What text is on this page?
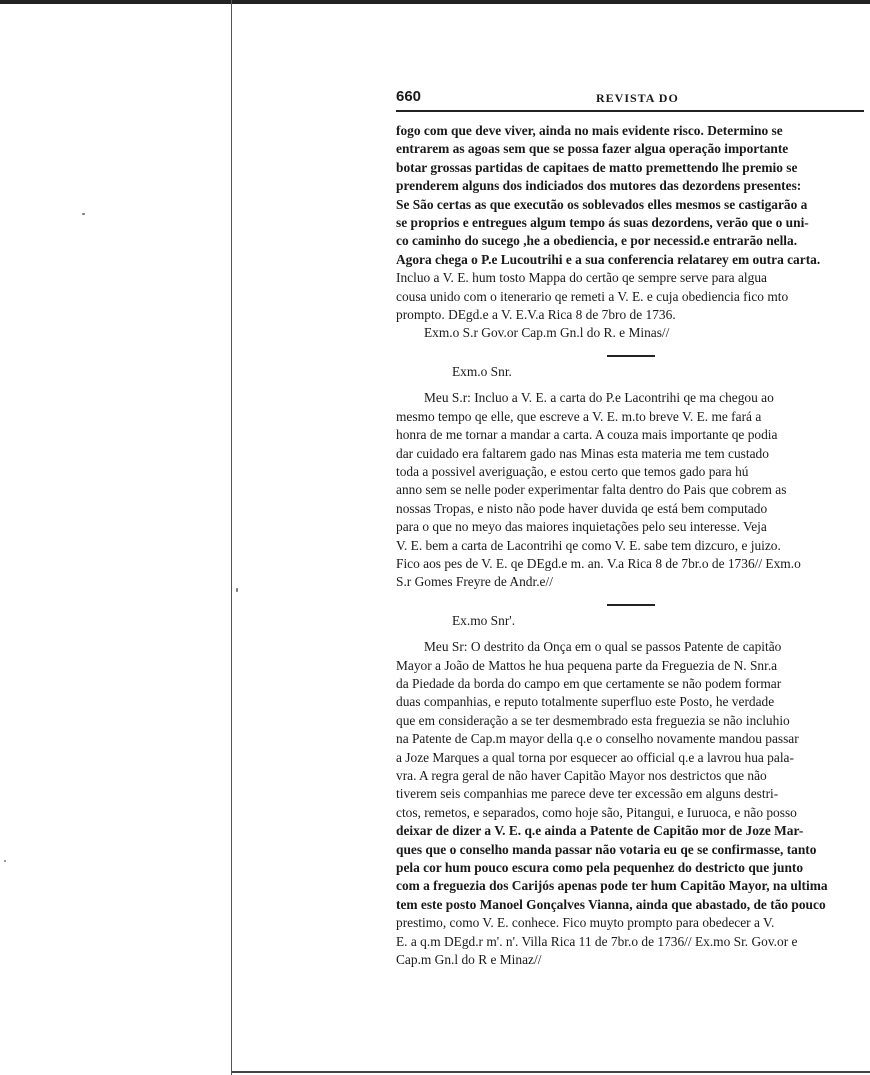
660	REVISTA DO

fogo com que deve viver, ainda no mais evidente risco. Determino se

entrarem as agoas sem que se possa fazer algua operação importante

botar grossas partidas de capitaes de matto premettendo lhe premio se

prenderem alguns dos indiciados dos mutores das dezordens presentes:

Se São certas as que executão os soblevados elles mesmos se castigarão a

se proprios e entregues algum tempo ás suas dezordens, verão que o uni-

co caminho do sucego ,he a obediencia, e por necessid.e entrarão nella.

Agora chega o P.e Lucoutrihi e a sua conferencia relatarey em outra carta.

Incluo a V. E. hum tosto Mappa do certão qe sempre serve para algua

cousa unido com o itenerario qe remeti a V. E. e cuja obediencia fico mto

prompto. DEgd.e a V. E.V.a Rica 8 de 7bro de 1736.

Exm.o S.r Gov.or Cap.m Gn.l do R. e Minas//

Exm.o Snr.

Meu S.r: Incluo a V. E. a carta do P.e Lacontrihi qe ma chegou ao

mesmo tempo qe elle, que escreve a V. E. m.to breve V. E. me fará a

honra de me tornar a mandar a carta. A couza mais importante qe podia

dar cuidado era faltarem gado nas Minas esta materia me tem custado

toda a possivel averiguação, e estou certo que temos gado para hú

anno sem se nelle poder experimentar falta dentro do Pais que cobrem as

nossas Tropas, e nisto não pode haver duvida qe está bem computado

para o que no meyo das maiores inquietações pelo seu interesse. Veja

V. E. bem a carta de Lacontrihi qe como V. E. sabe tem dizcuro, e juizo.

Fico aos pes de V. E. qe DEgd.e m. an. V.a Rica 8 de 7br.o de 1736// Exm.o

S.r Gomes Freyre de Andr.e//

Ex.mo Snr'.

Meu Sr: O destrito da Onça em o qual se passos Patente de capitão

Mayor a João de Mattos he hua pequena parte da Freguezia de N. Snr.a

da Piedade da borda do campo em que certamente se não podem formar

duas companhias, e reputo totalmente superfluo este Posto, he verdade

que em consideração a se ter desmembrado esta freguezia se não incluhio

na Patente de Cap.m mayor della q.e o conselho novamente mandou passar

a Joze Marques a qual torna por esquecer ao official q.e a lavrou hua pala-

vra. A regra geral de não haver Capitão Mayor nos destrictos que não

tiverem seis companhias me parece deve ter excessão em alguns destri-

ctos, remetos, e separados, como hoje são, Pitangui, e Iuruoca, e não posso

deixar de dizer a V. E. q.e ainda a Patente de Capitão mor de Joze Mar-

ques que o conselho manda passar não votaria eu qe se confirmasse, tanto

pela cor hum pouco escura como pela pequenhez do destricto que junto

com a freguezia dos Carijós apenas pode ter hum Capitão Mayor, na ultima

tem este posto Manoel Gonçalves Vianna, ainda que abastado, de tão pouco

prestimo, como V. E. conhece. Fico muyto prompto para obedecer a V.

E. a q.m DEgd.r m'. n'. Villa Rica 11 de 7br.o de 1736// Ex.mo Sr. Gov.or e

Cap.m Gn.l do R e Minaz//
